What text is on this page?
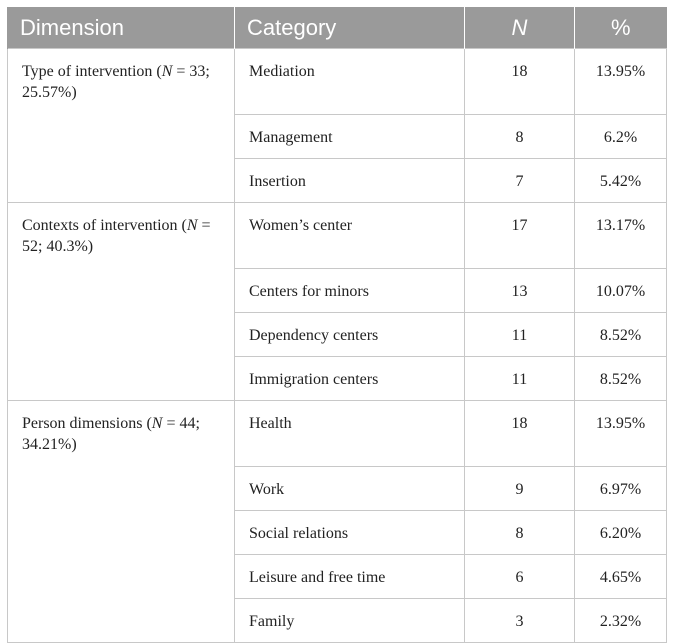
Dimension	Category	N	%
Type of intervention (N = 33; 25.57%)	Mediation	18	13.95%
	Management	8	6.2%
	Insertion	7	5.42%
Contexts of intervention (N = 52; 40.3%)	Women’s center	17	13.17%
	Centers for minors	13	10.07%
	Dependency centers	11	8.52%
	Immigration centers	11	8.52%
Person dimensions (N = 44; 34.21%)	Health	18	13.95%
	Work	9	6.97%
	Social relations	8	6.20%
	Leisure and free time	6	4.65%
	Family	3	2.32%
